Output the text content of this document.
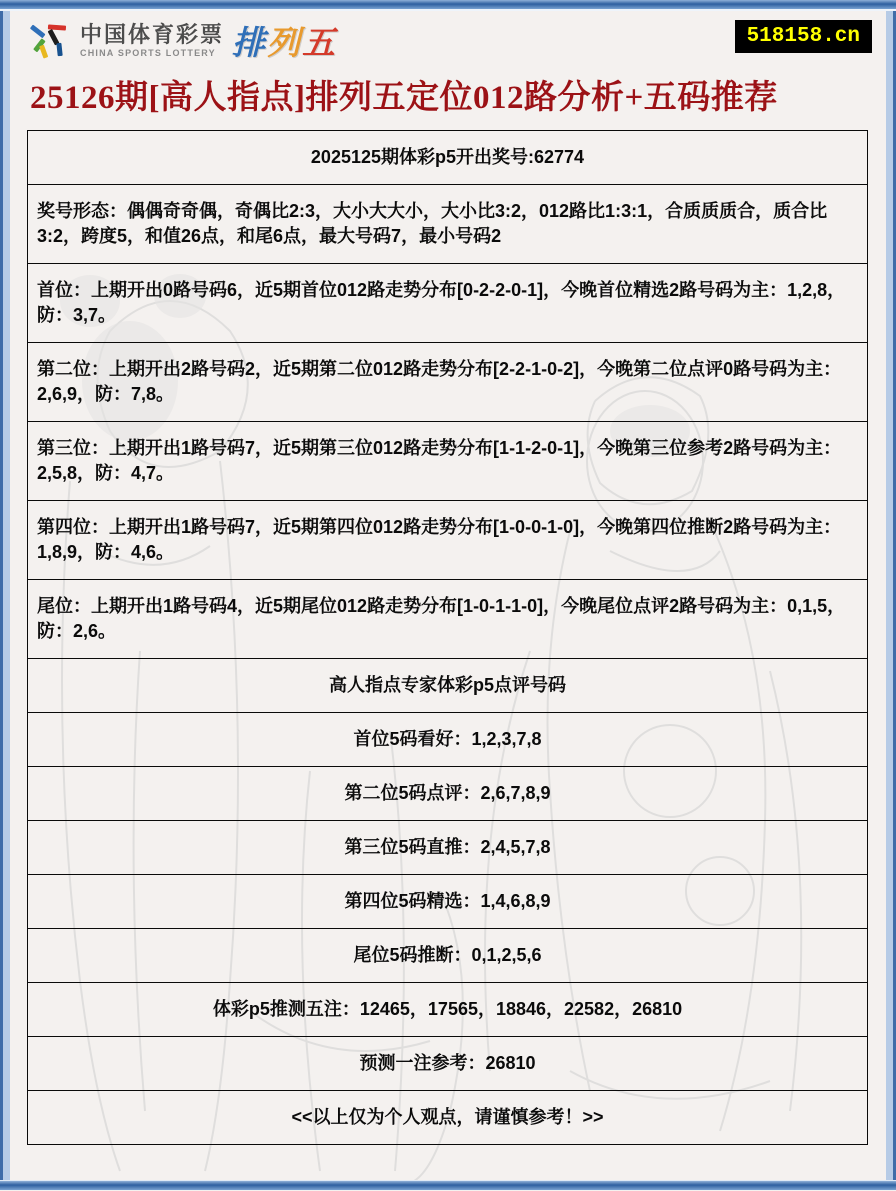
中国体育彩票
CHINA SPORTS LOTTERY 排列五	518158.cn
25126期[高人指点]排列五定位012路分析+五码推荐
2025125期体彩p5开出奖号:62774
奖号形态：偶偶奇奇偶，奇偶比2:3，大小大大小，大小比3:2，012路比1:3:1，合质质质合，质合比3:2，跨度5，和值26点，和尾6点，最大号码7，最小号码2
首位：上期开出0路号码6，近5期首位012路走势分布[0-2-2-0-1]，今晚首位精选2路号码为主：1,2,8，防：3,7。
第二位：上期开出2路号码2，近5期第二位012路走势分布[2-2-1-0-2]，今晚第二位点评0路号码为主：2,6,9，防：7,8。
第三位：上期开出1路号码7，近5期第三位012路走势分布[1-1-2-0-1]，今晚第三位参考2路号码为主：2,5,8，防：4,7。
第四位：上期开出1路号码7，近5期第四位012路走势分布[1-0-0-1-0]，今晚第四位推断2路号码为主：1,8,9，防：4,6。
尾位：上期开出1路号码4，近5期尾位012路走势分布[1-0-1-1-0]，今晚尾位点评2路号码为主：0,1,5，防：2,6。
高人指点专家体彩p5点评号码
首位5码看好：1,2,3,7,8
第二位5码点评：2,6,7,8,9
第三位5码直推：2,4,5,7,8
第四位5码精选：1,4,6,8,9
尾位5码推断：0,1,2,5,6
体彩p5推测五注：12465，17565，18846，22582，26810
预测一注参考：26810
<<以上仅为个人观点，请谨慎参考！>>
